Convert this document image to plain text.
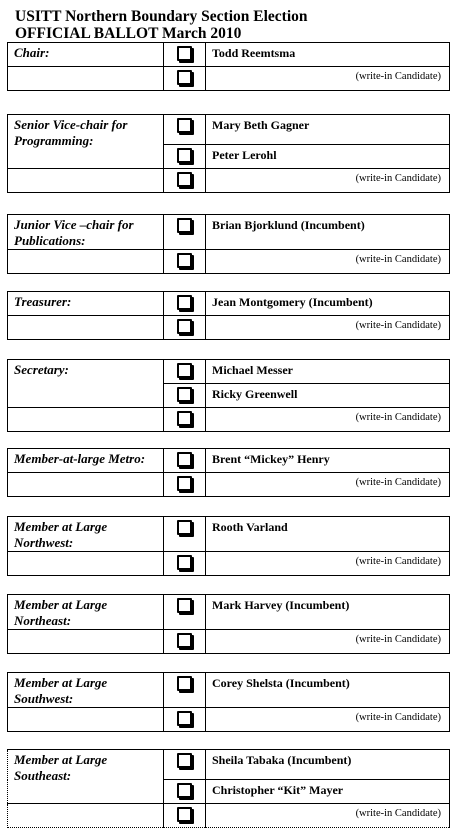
USITT Northern Boundary Section Election
OFFICIAL BALLOT March 2010
Chair:		Todd Reemtsma
		(write-in Candidate)
Senior Vice-chair for Programming:		Mary Beth Gagner
		Peter Lerohl
		(write-in Candidate)
Junior Vice –chair for Publications:		Brian Bjorklund (Incumbent)
		(write-in Candidate)
Treasurer:		Jean Montgomery (Incumbent)
		(write-in Candidate)
Secretary:		Michael Messer
		Ricky Greenwell
		(write-in Candidate)
Member-at-large Metro:		Brent “Mickey” Henry
		(write-in Candidate)
Member at Large Northwest:		Rooth Varland
		(write-in Candidate)
Member at Large Northeast:		Mark Harvey (Incumbent)
		(write-in Candidate)
Member at Large Southwest:		Corey Shelsta (Incumbent)
		(write-in Candidate)
Member at Large Southeast:		Sheila Tabaka (Incumbent)
		Christopher “Kit” Mayer
		(write-in Candidate)
